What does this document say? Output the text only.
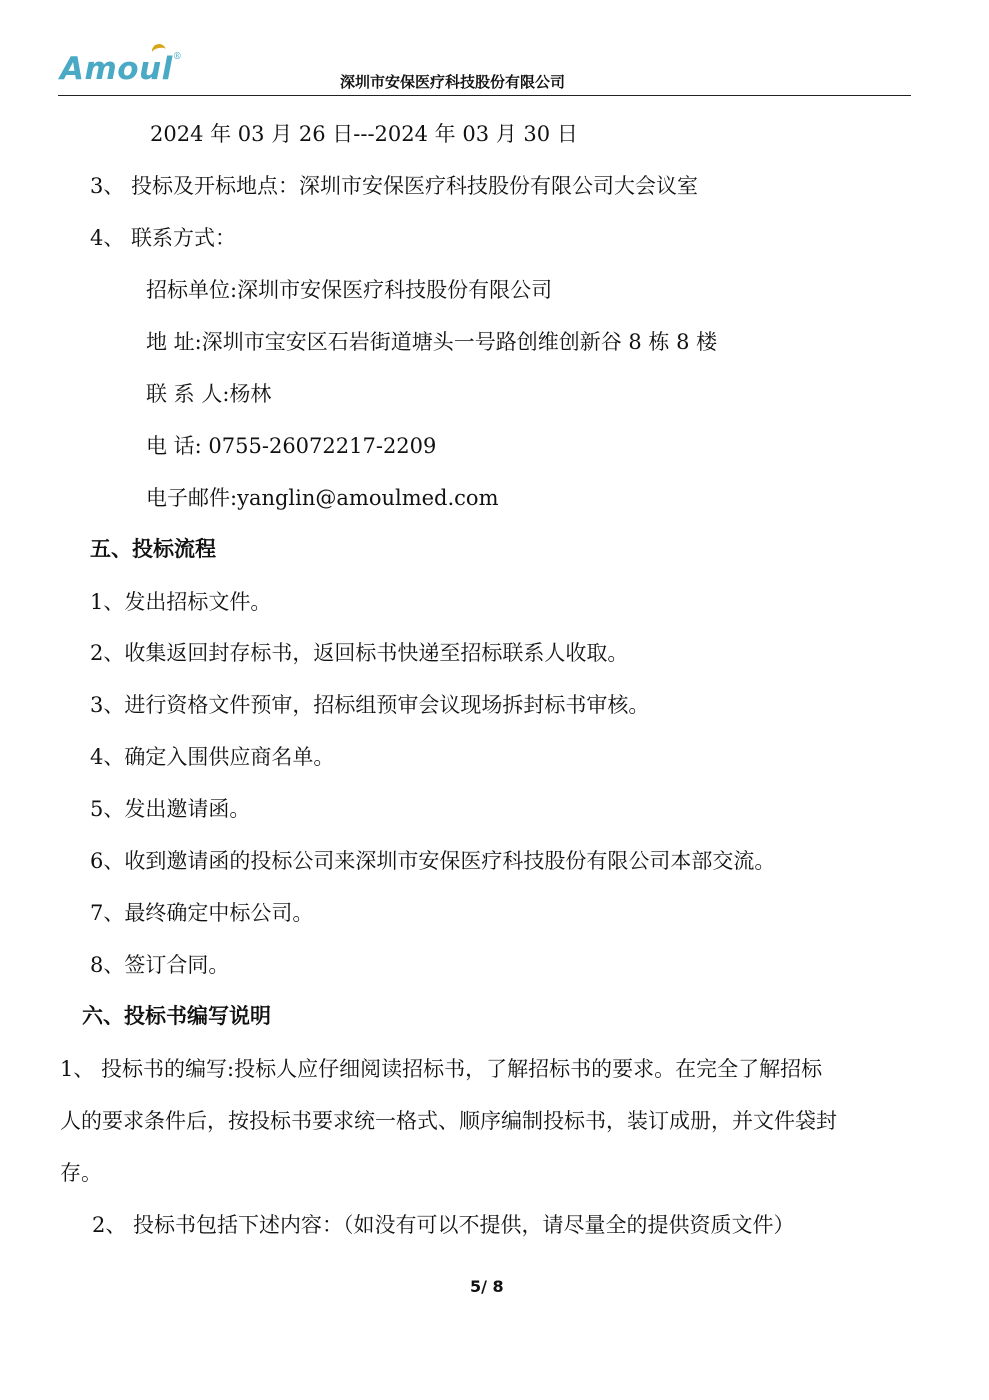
Amoul®
深圳市安保医疗科技股份有限公司
2024 年 03 月 26 日---2024 年 03 月 30 日
3、 投标及开标地点：深圳市安保医疗科技股份有限公司大会议室
4、 联系方式：
招标单位:深圳市安保医疗科技股份有限公司
地 址:深圳市宝安区石岩街道塘头一号路创维创新谷 8 栋 8 楼
联 系 人:杨林
电 话: 0755-26072217-2209
电子邮件:yanglin@amoulmed.com
五、投标流程
1、发出招标文件。
2、收集返回封存标书，返回标书快递至招标联系人收取。
3、进行资格文件预审，招标组预审会议现场拆封标书审核。
4、确定入围供应商名单。
5、发出邀请函。
6、收到邀请函的投标公司来深圳市安保医疗科技股份有限公司本部交流。
7、最终确定中标公司。
8、签订合同。
六、投标书编写说明
1、 投标书的编写:投标人应仔细阅读招标书，了解招标书的要求。在完全了解招标
人的要求条件后，按投标书要求统一格式、顺序编制投标书，装订成册，并文件袋封
存。
2、 投标书包括下述内容：（如没有可以不提供，请尽量全的提供资质文件）
5/ 8
